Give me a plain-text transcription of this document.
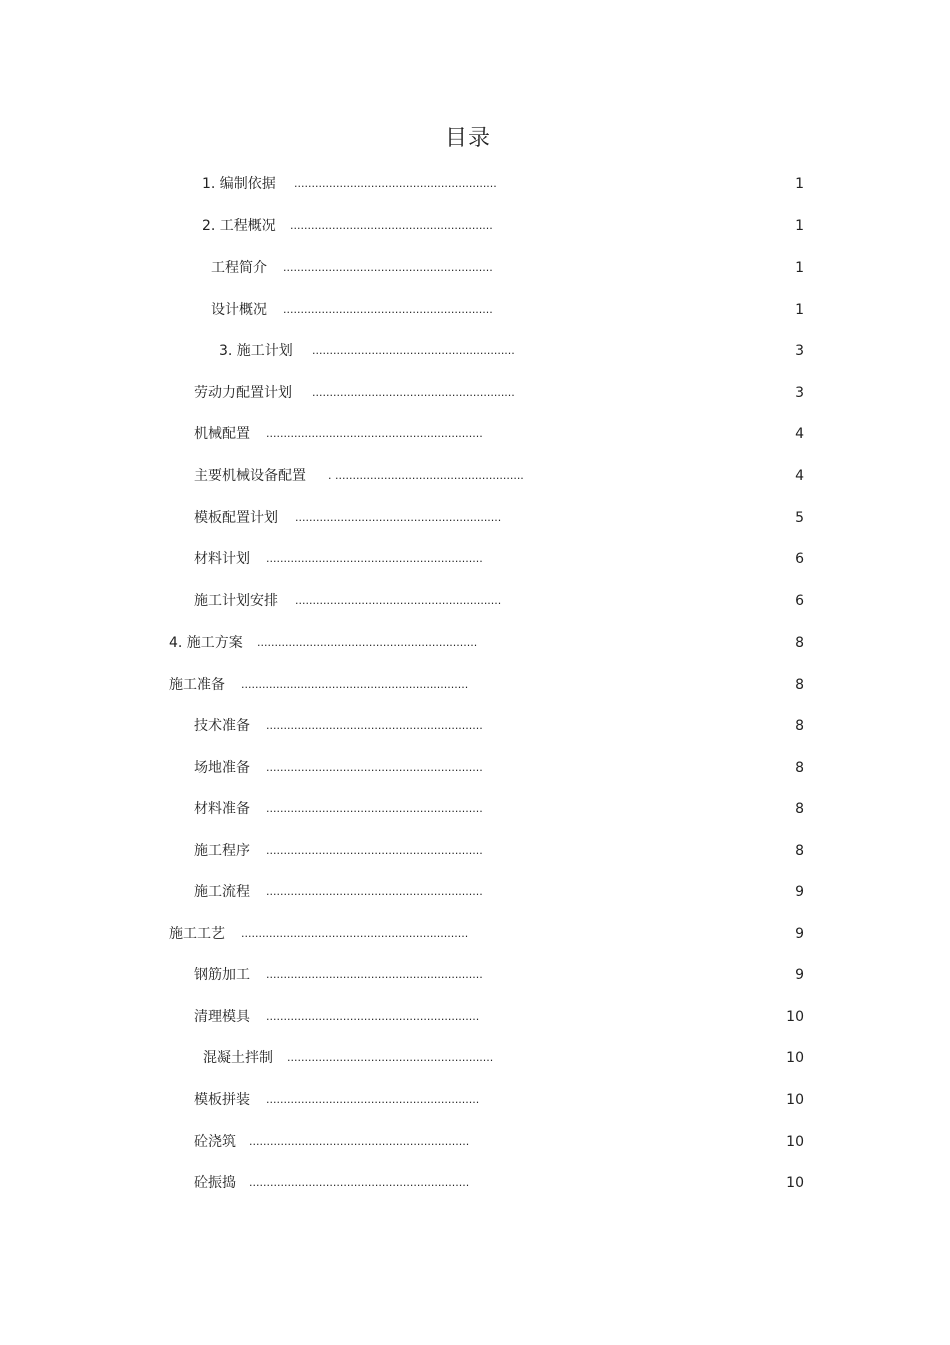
目录
1. 编制依据 ..........................................................	1
2. 工程概况 ..........................................................	1
工程简介 ............................................................	1
设计概况 ............................................................	1
3. 施工计划 ..........................................................	3
劳动力配置计划 ..........................................................	3
机械配置 ..............................................................	4
主要机械设备配置 . ......................................................	4
模板配置计划 ...........................................................	5
材料计划 ..............................................................	6
施工计划安排 ...........................................................	6
4. 施工方案 ...............................................................	8
施工准备 .................................................................	8
技术准备 ..............................................................	8
场地准备 ..............................................................	8
材料准备 ..............................................................	8
施工程序 ..............................................................	8
施工流程 ..............................................................	9
施工工艺 .................................................................	9
钢筋加工 ..............................................................	9
清理模具 .............................................................	10
混凝土拌制 ...........................................................	10
模板拼装 .............................................................	10
砼浇筑 ...............................................................	10
砼振捣 ...............................................................	10
